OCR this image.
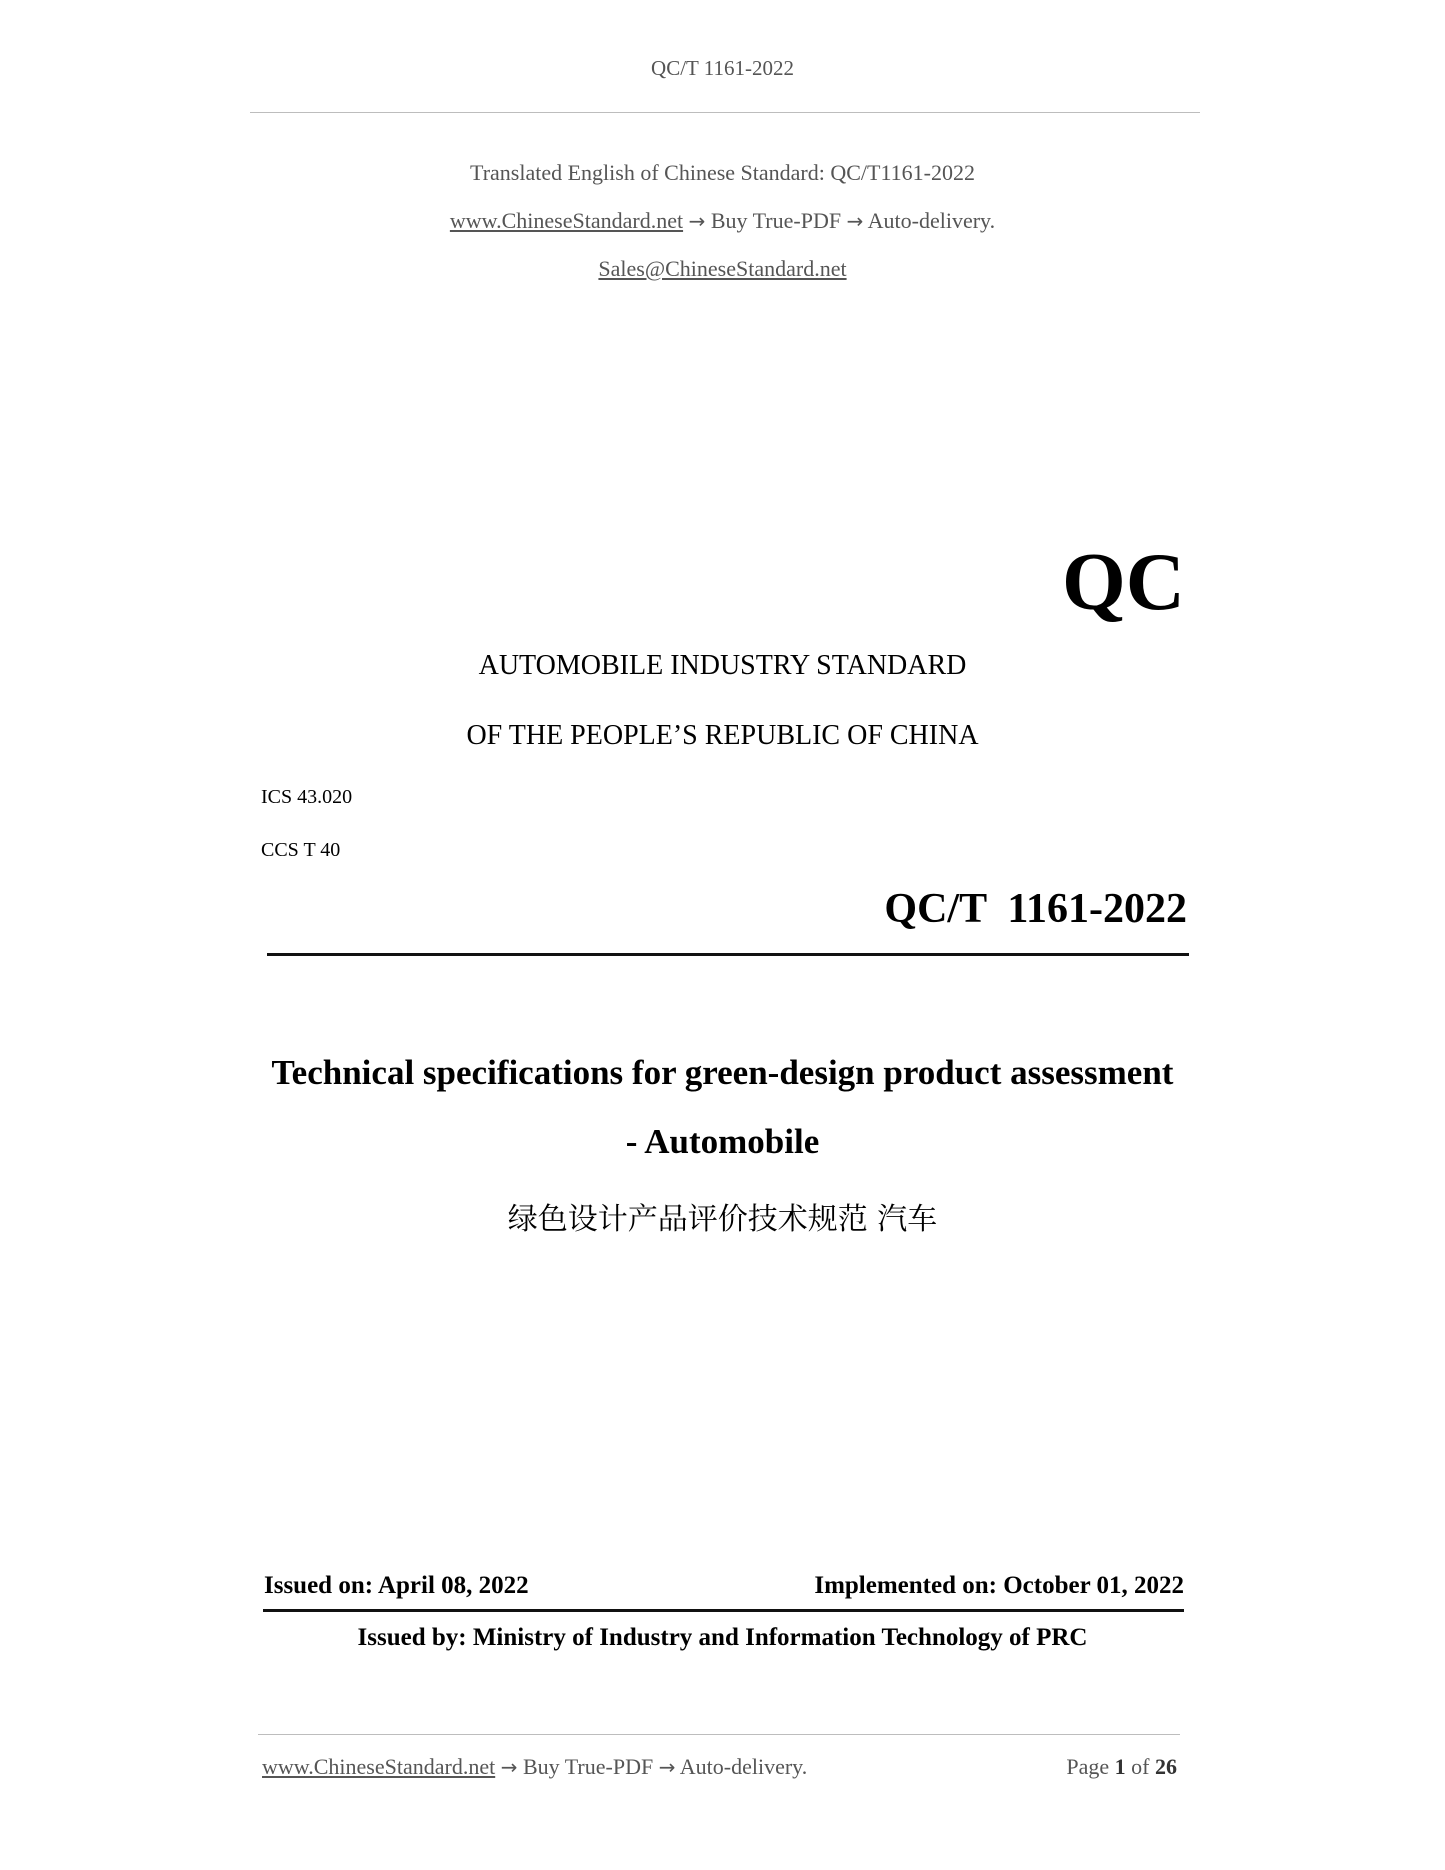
QC/T 1161-2022
Translated English of Chinese Standard: QC/T1161-2022
www.ChineseStandard.net → Buy True-PDF → Auto-delivery.
Sales@ChineseStandard.net
QC
AUTOMOBILE INDUSTRY STANDARD
OF THE PEOPLE’S REPUBLIC OF CHINA
ICS 43.020
CCS T 40
QC/T  1161-2022
Technical specifications for green-design product assessment
- Automobile
绿色设计产品评价技术规范 汽车
Issued on: April 08, 2022	Implemented on: October 01, 2022
Issued by: Ministry of Industry and Information Technology of PRC
www.ChineseStandard.net → Buy True-PDF → Auto-delivery.	Page 1 of 26
